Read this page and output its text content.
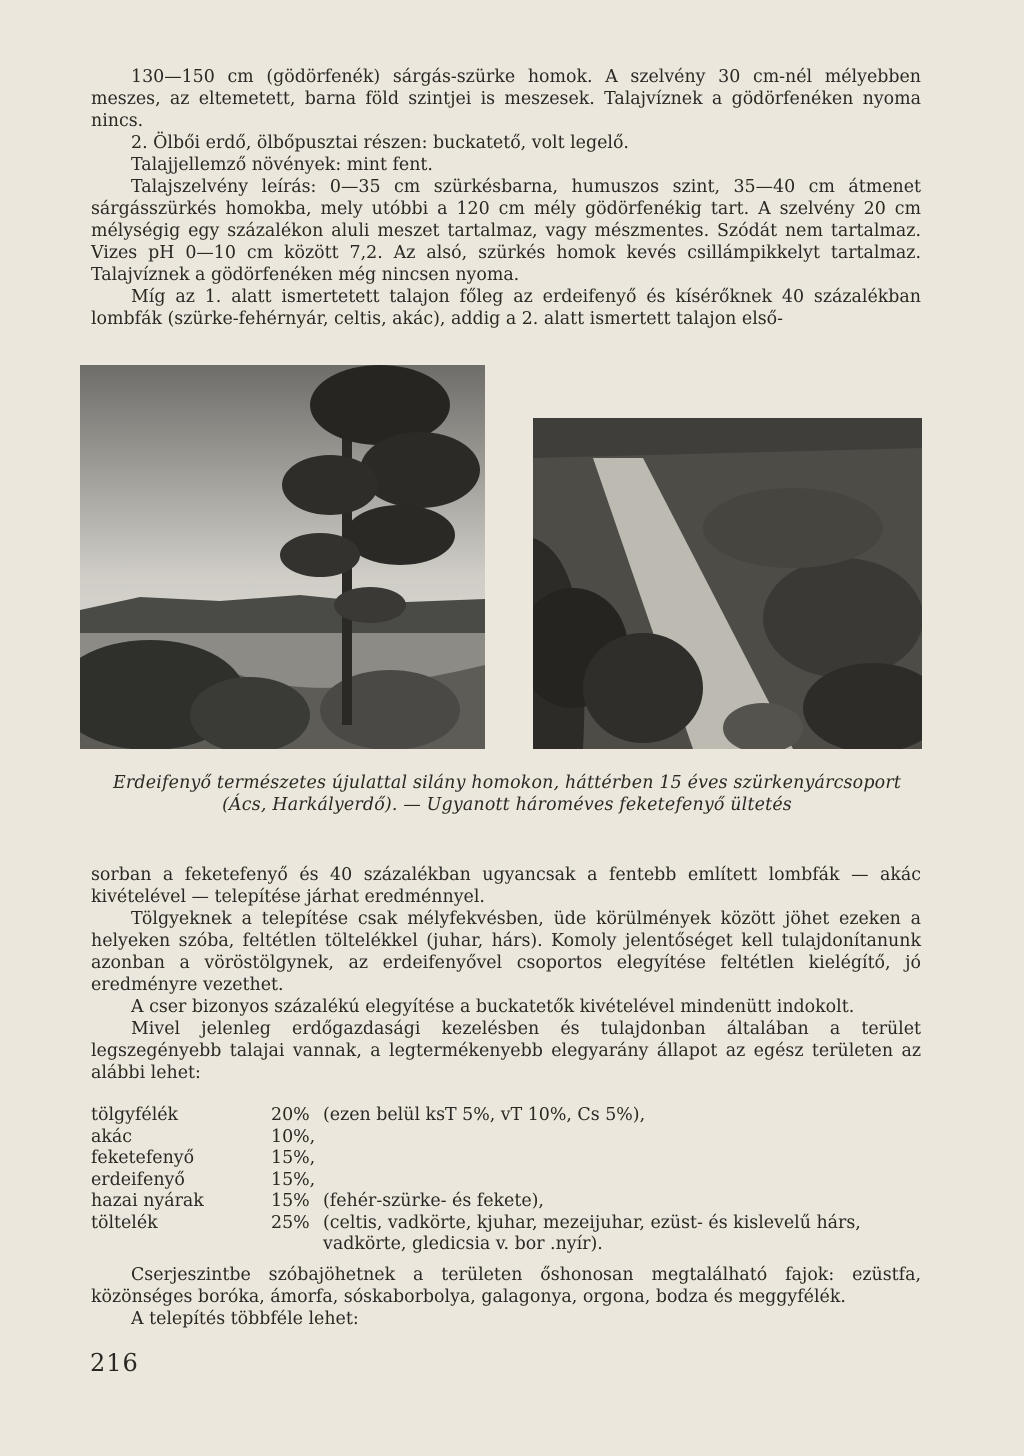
130—150 cm (gödörfenék) sárgás-szürke homok. A szelvény 30 cm-nél mélyebben meszes, az eltemetett, barna föld szintjei is meszesek. Talajvíznek a gödörfenéken nyoma nincs.

2. Ölbői erdő, ölbőpusztai részen: buckatető, volt legelő.

Talajjellemző növények: mint fent.

Talajszelvény leírás: 0—35 cm szürkésbarna, humuszos szint, 35—40 cm átmenet sárgásszürkés homokba, mely utóbbi a 120 cm mély gödörfenékig tart. A szelvény 20 cm mélységig egy százalékon aluli meszet tartalmaz, vagy mészmentes. Szódát nem tartalmaz. Vizes pH 0—10 cm között 7,2. Az alsó, szürkés homok kevés csillámpikkelyt tartalmaz. Talajvíznek a gödörfenéken még nincsen nyoma.

Míg az 1. alatt ismertetett talajon főleg az erdeifenyő és kísérőknek 40 százalékban lombfák (szürke-fehérnyár, celtis, akác), addig a 2. alatt ismertett talajon első-

Erdeifenyő természetes újulattal silány homokon, háttérben 15 éves szürkenyárcsoport
(Ács, Harkályerdő). — Ugyanott hároméves feketefenyő ültetés

sorban a feketefenyő és 40 százalékban ugyancsak a fentebb említett lombfák — akác kivételével — telepítése járhat eredménnyel.

Tölgyeknek a telepítése csak mélyfekvésben, üde körülmények között jöhet ezeken a helyeken szóba, feltétlen töltelékkel (juhar, hárs). Komoly jelentőséget kell tulajdonítanunk azonban a vöröstölgynek, az erdeifenyővel csoportos elegyítése feltétlen kielégítő, jó eredményre vezethet.

A cser bizonyos százalékú elegyítése a buckatetők kivételével mindenütt indokolt.

Mivel jelenleg erdőgazdasági kezelésben és tulajdonban általában a terület legszegényebb talajai vannak, a legtermékenyebb elegyarány állapot az egész területen az alábbi lehet:

tölgyfélék	20% (ezen belül ksT 5%, vT 10%, Cs 5%),
akác	10%,
feketefenyő	15%,
erdeifenyő	15%,
hazai nyárak	15% (fehér-szürke- és fekete),
töltelék	25% (celtis, vadkörte, kjuhar, mezeijuhar, ezüst- és kislevelű hárs,
vadkörte, gledicsia v. bor .nyír).

Cserjeszintbe szóbajöhetnek a területen őshonosan megtalálható fajok: ezüstfa, közönséges boróka, ámorfa, sóskaborbolya, galagonya, orgona, bodza és meggyfélék.

A telepítés többféle lehet:

216
